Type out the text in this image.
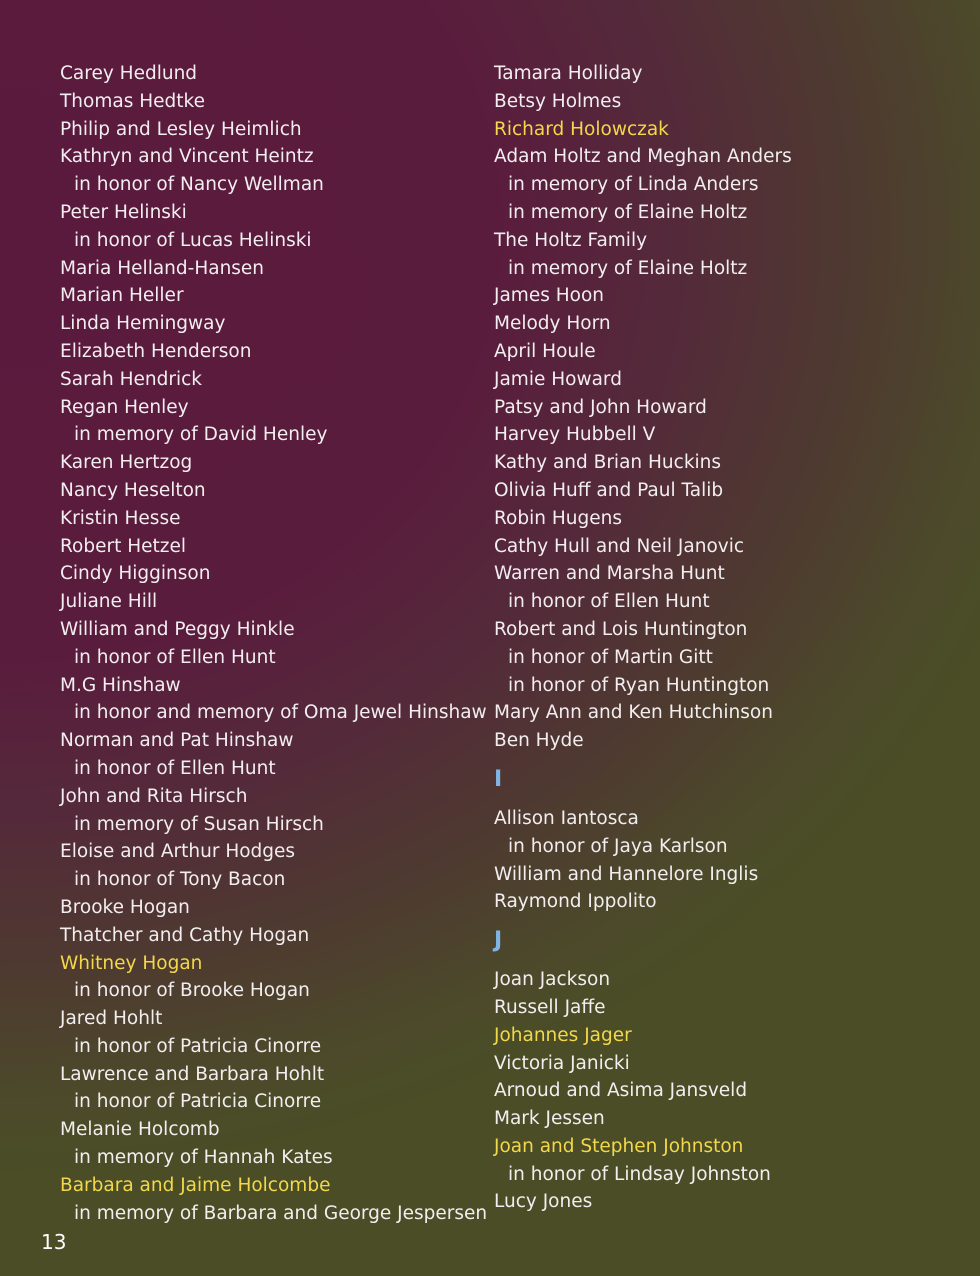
Carey Hedlund
Thomas Hedtke
Philip and Lesley Heimlich
Kathryn and Vincent Heintz
in honor of Nancy Wellman
Peter Helinski
in honor of Lucas Helinski
Maria Helland-Hansen
Marian Heller
Linda Hemingway
Elizabeth Henderson
Sarah Hendrick
Regan Henley
in memory of David Henley
Karen Hertzog
Nancy Heselton
Kristin Hesse
Robert Hetzel
Cindy Higginson
Juliane Hill
William and Peggy Hinkle
in honor of Ellen Hunt
M.G Hinshaw
in honor and memory of Oma Jewel Hinshaw
Norman and Pat Hinshaw
in honor of Ellen Hunt
John and Rita Hirsch
in memory of Susan Hirsch
Eloise and Arthur Hodges
in honor of Tony Bacon
Brooke Hogan
Thatcher and Cathy Hogan
Whitney Hogan
in honor of Brooke Hogan
Jared Hohlt
in honor of Patricia Cinorre
Lawrence and Barbara Hohlt
in honor of Patricia Cinorre
Melanie Holcomb
in memory of Hannah Kates
Barbara and Jaime Holcombe
in memory of Barbara and George Jespersen
Tamara Holliday
Betsy Holmes
Richard Holowczak
Adam Holtz and Meghan Anders
in memory of Linda Anders
in memory of Elaine Holtz
The Holtz Family
in memory of Elaine Holtz
James Hoon
Melody Horn
April Houle
Jamie Howard
Patsy and John Howard
Harvey Hubbell V
Kathy and Brian Huckins
Olivia Huff and Paul Talib
Robin Hugens
Cathy Hull and Neil Janovic
Warren and Marsha Hunt
in honor of Ellen Hunt
Robert and Lois Huntington
in honor of Martin Gitt
in honor of Ryan Huntington
Mary Ann and Ken Hutchinson
Ben Hyde
I
Allison Iantosca
in honor of Jaya Karlson
William and Hannelore Inglis
Raymond Ippolito
J
Joan Jackson
Russell Jaffe
Johannes Jager
Victoria Janicki
Arnoud and Asima Jansveld
Mark Jessen
Joan and Stephen Johnston
in honor of Lindsay Johnston
Lucy Jones
13
